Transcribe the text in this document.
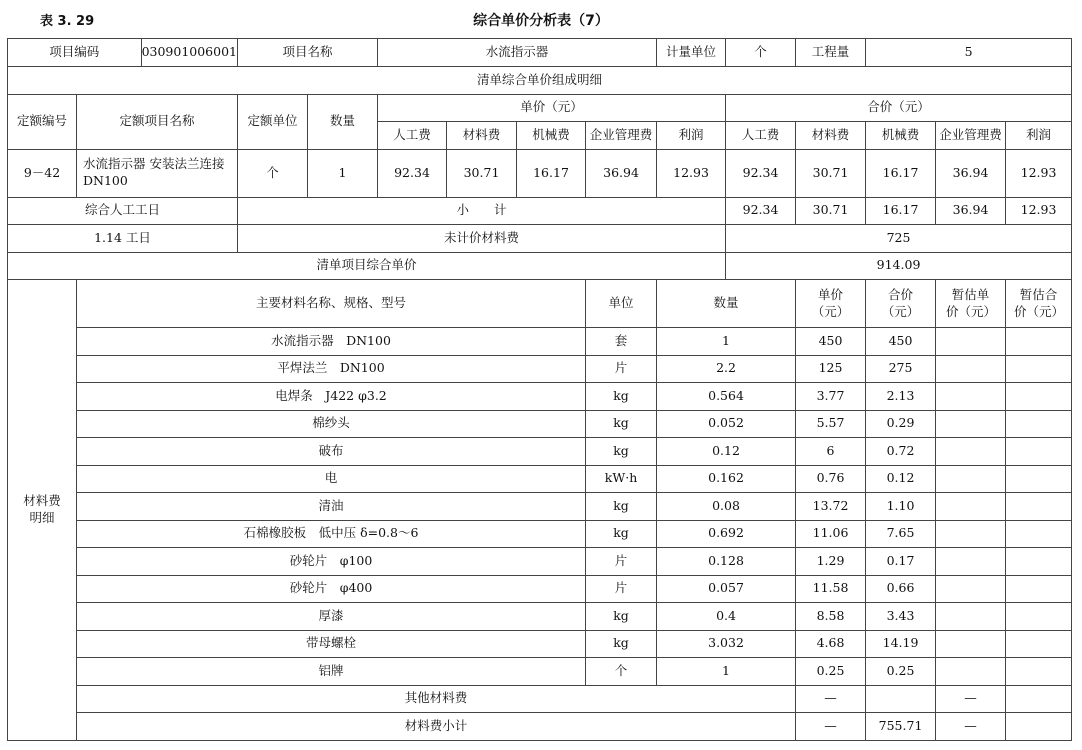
表 3. 29	综合单价分析表（7）
项目编码 030901006001		项目名称		水流指示器				计量单位	个	工程量	5		
清单综合单价组成明细													
定额编号	定额项目名称	定额单位	数量	单价（元）					合价（元）				
				人工费	材料费	机械费	企业管理费	利润	人工费	材料费	机械费	企业管理费	利润
9－42	水流指示器 安装法兰连接 DN100	个	1	92.34	30.71	16.17	36.94	12.93	92.34	30.71	16.17	36.94	12.93
综合人工工日		小　　计							92.34	30.71	16.17	36.94	12.93
1.14 工日		未计价材料费							725				
清单项目综合单价									914.09				
材料费明细	主要材料名称、规格、型号						单位	数量		单价（元）	合价（元）	暂估单价（元）	暂估合价（元）
	水流指示器　DN100						套	1		450	450		
	平焊法兰　DN100						片	2.2		125	275		
	电焊条　J422 φ3.2						kg	0.564		3.77	2.13		
	棉纱头						kg	0.052		5.57	0.29		
	破布						kg	0.12		6	0.72		
	电						kW·h	0.162		0.76	0.12		
	清油						kg	0.08		13.72	1.10		
	石棉橡胶板　低中压 δ=0.8～6						kg	0.692		11.06	7.65		
	砂轮片　φ100						片	0.128		1.29	0.17		
	砂轮片　φ400						片	0.057		11.58	0.66		
	厚漆						kg	0.4		8.58	3.43		
	带母螺栓						kg	3.032		4.68	14.19		
	铝牌						个	1		0.25	0.25		
	其他材料费									—		—	
	材料费小计									—	755.71	—	
